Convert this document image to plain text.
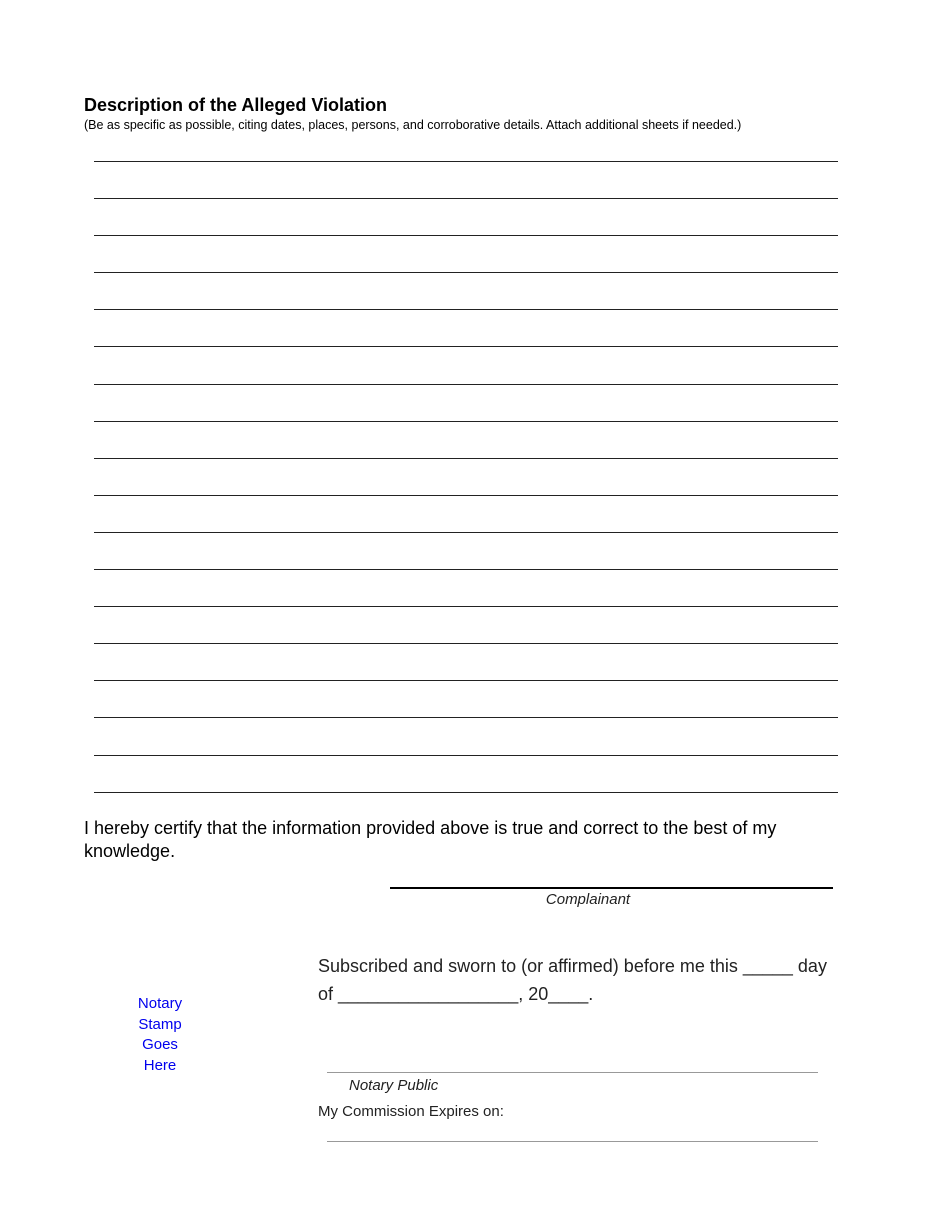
Description of the Alleged Violation
(Be as specific as possible, citing dates, places, persons, and corroborative details. Attach additional sheets if needed.)
I hereby certify that the information provided above is true and correct to the best of my knowledge.
Complainant
Subscribed and sworn to (or affirmed) before me this _____ day
of __________________, 20____.
Notary
Stamp
Goes
Here
Notary Public
My Commission Expires on:
